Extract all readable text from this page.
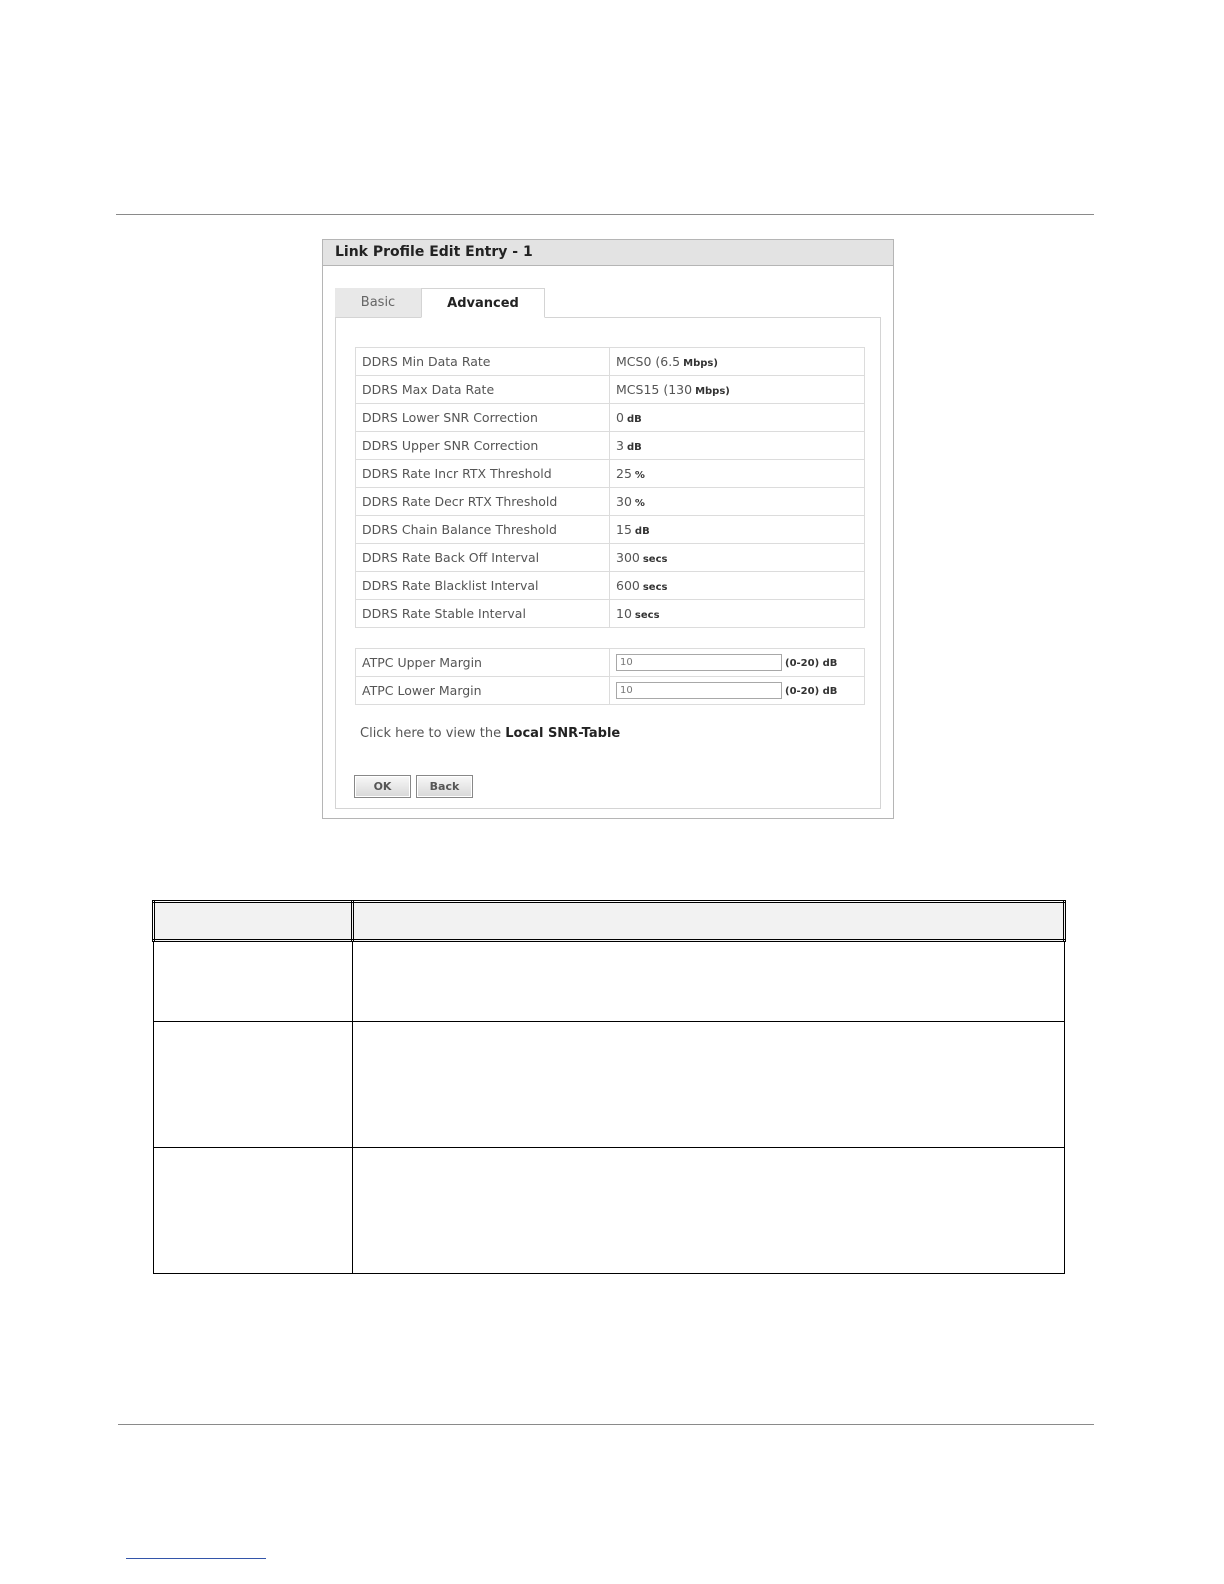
Link Profile Edit Entry - 1
Basic	Advanced
DDRS Min Data Rate	MCS0 (6.5 Mbps)
DDRS Max Data Rate	MCS15 (130 Mbps)
DDRS Lower SNR Correction	0 dB
DDRS Upper SNR Correction	3 dB
DDRS Rate Incr RTX Threshold	25 %
DDRS Rate Decr RTX Threshold	30 %
DDRS Chain Balance Threshold	15 dB
DDRS Rate Back Off Interval	300 secs
DDRS Rate Blacklist Interval	600 secs
DDRS Rate Stable Interval	10 secs
ATPC Upper Margin	10(0-20) dB
ATPC Lower Margin	10(0-20) dB
Click here to view the Local SNR-Table
OK	Back
